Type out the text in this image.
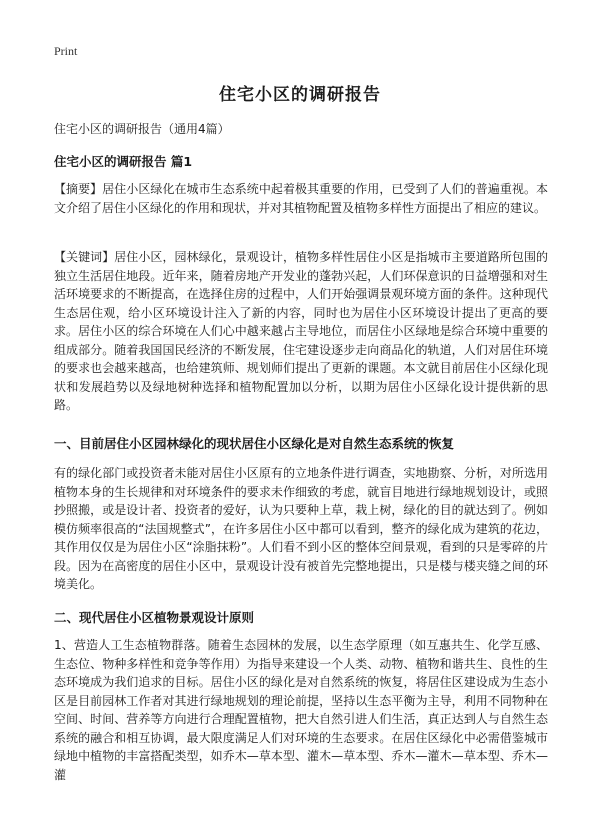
Print
住宅小区的调研报告
住宅小区的调研报告（通用4篇）
住宅小区的调研报告 篇1
【摘要】居住小区绿化在城市生态系统中起着极其重要的作用，已受到了人们的普遍重视。本文介绍了居住小区绿化的作用和现状，并对其植物配置及植物多样性方面提出了相应的建议。
【关键词】居住小区，园林绿化，景观设计，植物多样性居住小区是指城市主要道路所包围的独立生活居住地段。近年来，随着房地产开发业的蓬勃兴起，人们环保意识的日益增强和对生活环境要求的不断提高，在选择住房的过程中，人们开始强调景观环境方面的条件。这种现代生态居住观，给小区环境设计注入了新的内容，同时也为居住小区环境设计提出了更高的要求。居住小区的综合环境在人们心中越来越占主导地位，而居住小区绿地是综合环境中重要的组成部分。随着我国国民经济的不断发展，住宅建设逐步走向商品化的轨道，人们对居住环境的要求也会越来越高，也给建筑师、规划师们提出了更新的课题。本文就目前居住小区绿化现状和发展趋势以及绿地树种选择和植物配置加以分析，以期为居住小区绿化设计提供新的思路。
一、目前居住小区园林绿化的现状居住小区绿化是对自然生态系统的恢复
有的绿化部门或投资者未能对居住小区原有的立地条件进行调查，实地勘察、分析，对所选用植物本身的生长规律和对环境条件的要求未作细致的考虑，就盲目地进行绿地规划设计，或照抄照搬，或是设计者、投资者的爱好，认为只要种上草，栽上树，绿化的目的就达到了。例如模仿频率很高的“法国规整式”，在许多居住小区中都可以看到，整齐的绿化成为建筑的花边，其作用仅仅是为居住小区“涂脂抹粉”。人们看不到小区的整体空间景观，看到的只是零碎的片段。因为在高密度的居住小区中，景观设计没有被首先完整地提出，只是楼与楼夹缝之间的环境美化。
二、现代居住小区植物景观设计原则
1、营造人工生态植物群落。随着生态园林的发展，以生态学原理（如互惠共生、化学互感、生态位、物种多样性和竞争等作用）为指导来建设一个人类、动物、植物和谐共生、良性的生态环境成为我们追求的目标。居住小区的绿化是对自然系统的恢复，将居住区建设成为生态小区是目前园林工作者对其进行绿地规划的理论前提，坚持以生态平衡为主导，利用不同物种在空间、时间、营养等方向进行合理配置植物，把大自然引进人们生活，真正达到人与自然生态系统的融合和相互协调，最大限度满足人们对环境的生态要求。在居住区绿化中必需借鉴城市绿地中植物的丰富搭配类型，如乔木—草本型、灌木—草本型、乔木—灌木—草本型、乔木—灌
